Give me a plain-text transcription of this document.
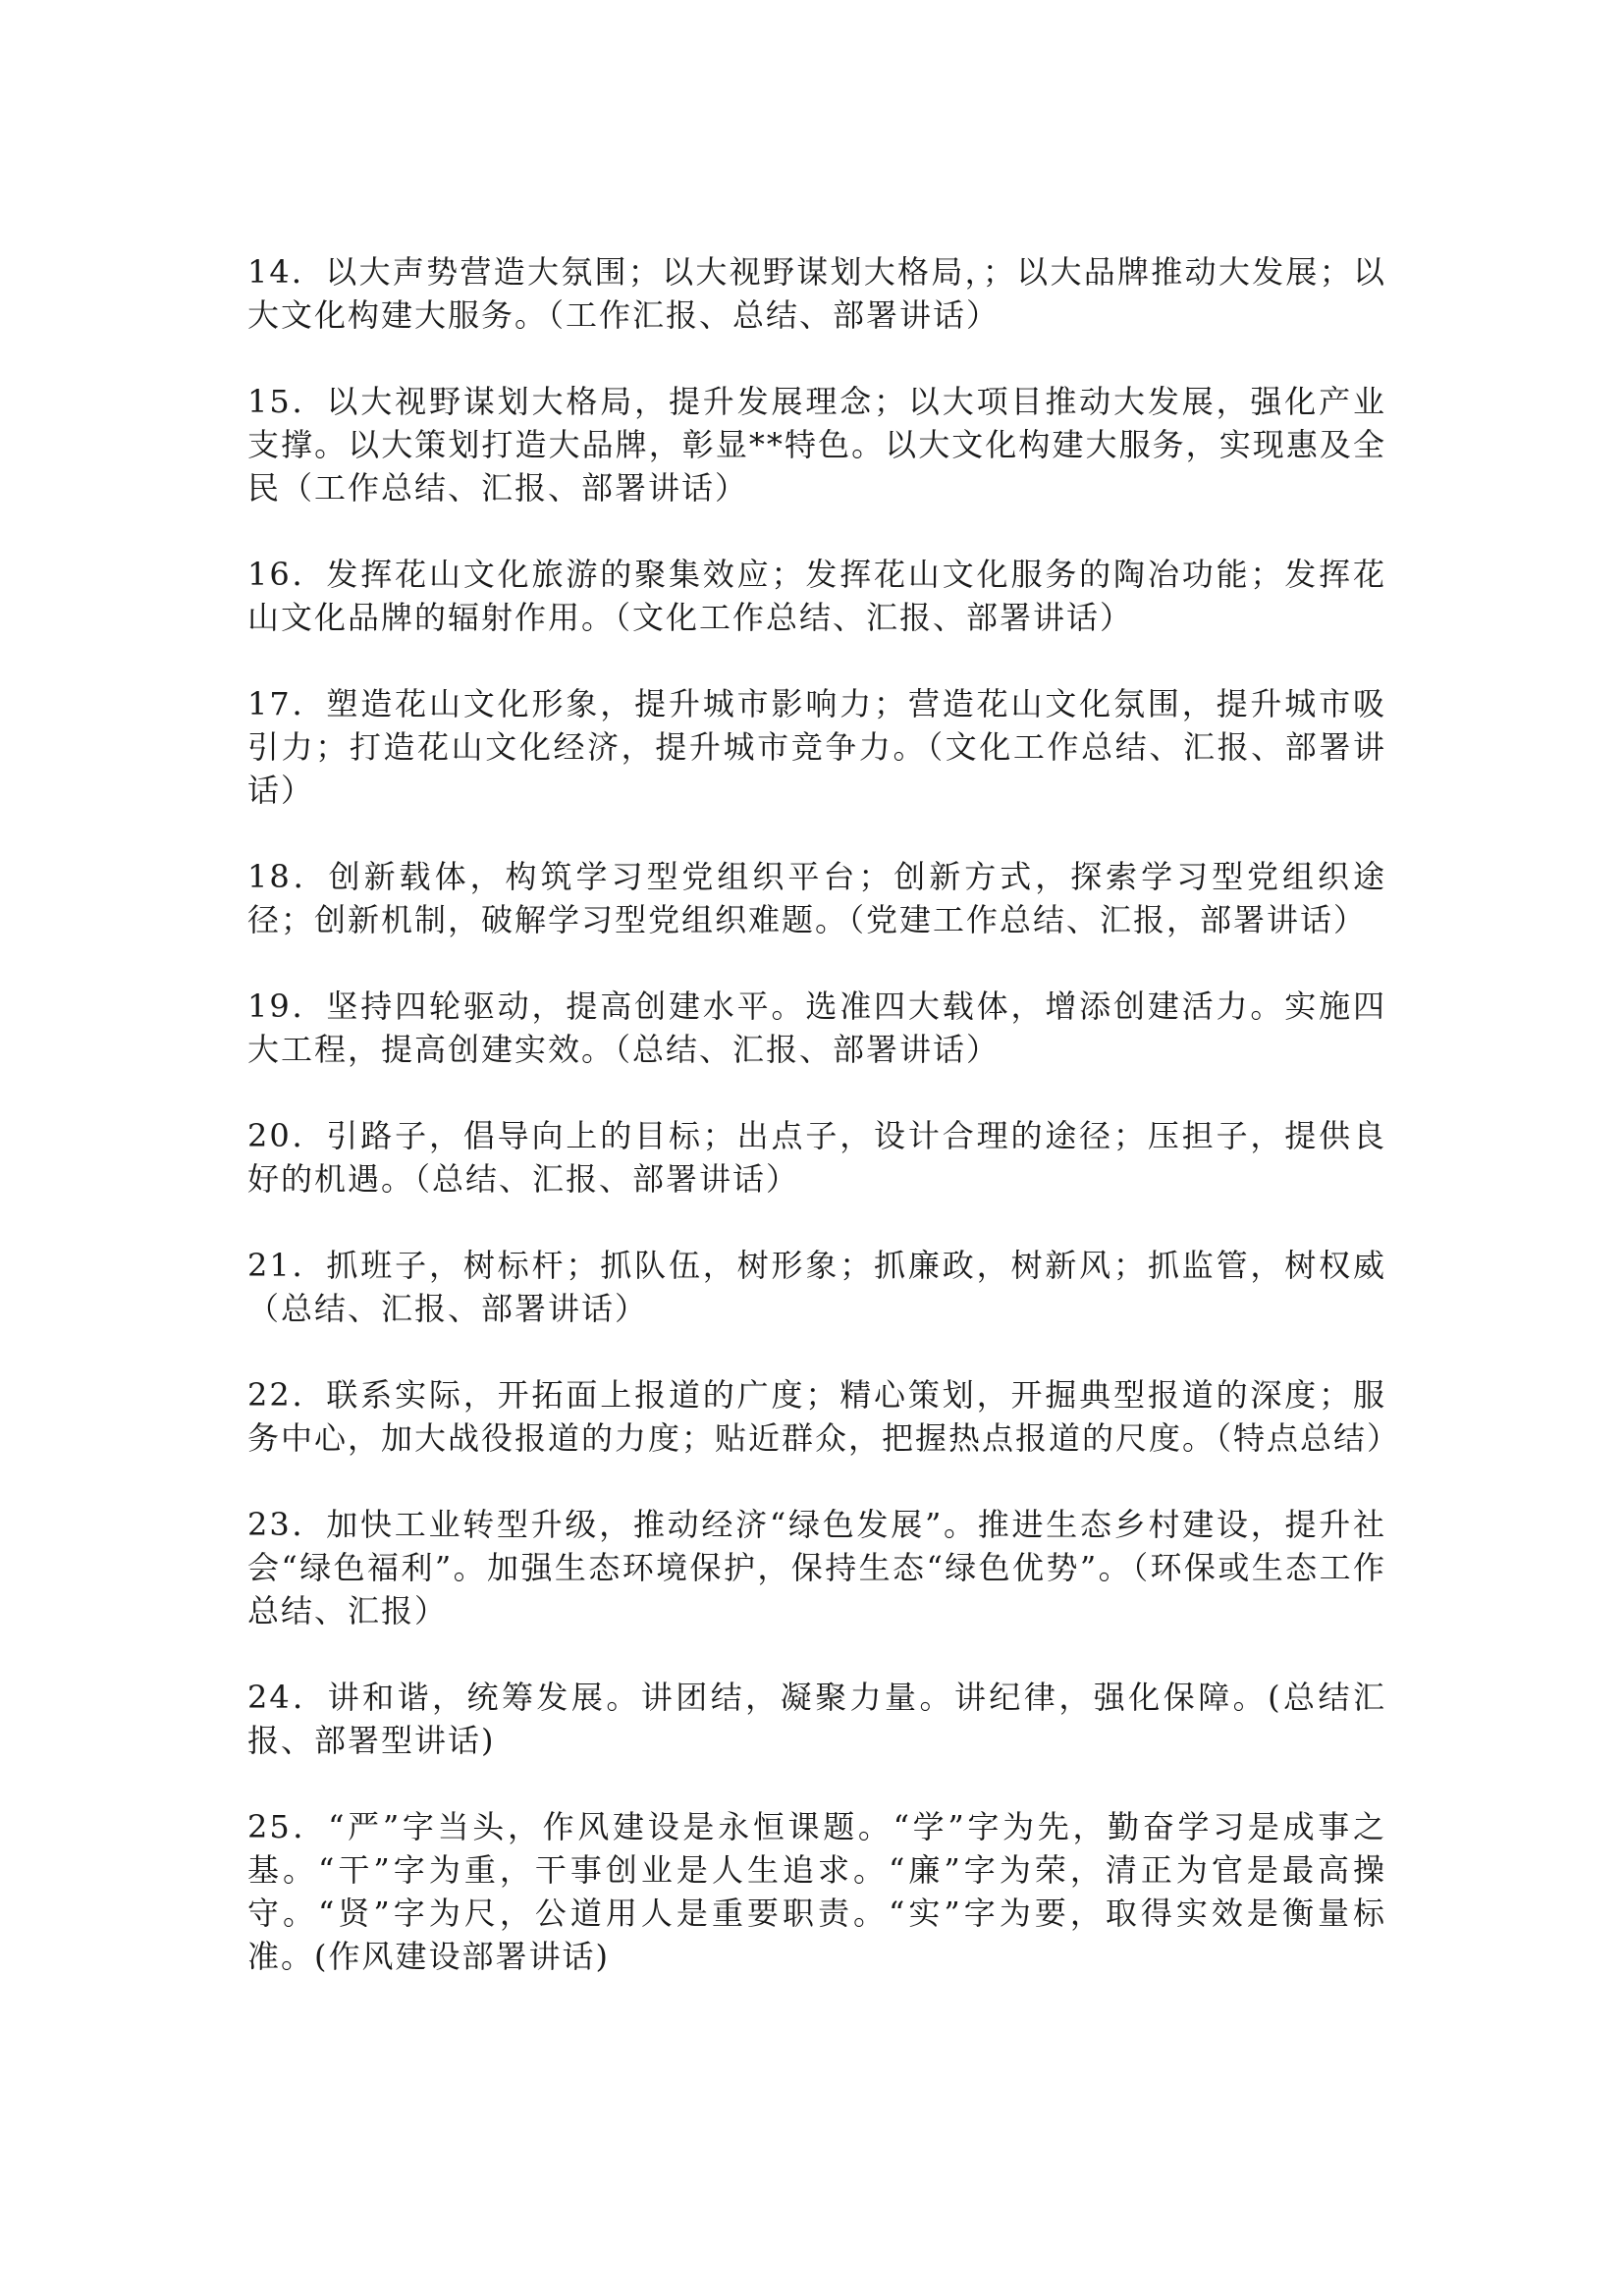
14．以大声势营造大氛围；以大视野谋划大格局，；以大品牌推动大发展；以大文化构建大服务。（工作汇报、总结、部署讲话）

15．以大视野谋划大格局，提升发展理念；以大项目推动大发展，强化产业支撑。以大策划打造大品牌，彰显**特色。以大文化构建大服务，实现惠及全民（工作总结、汇报、部署讲话）

16．发挥花山文化旅游的聚集效应；发挥花山文化服务的陶冶功能；发挥花山文化品牌的辐射作用。（文化工作总结、汇报、部署讲话）

17．塑造花山文化形象，提升城市影响力；营造花山文化氛围，提升城市吸引力；打造花山文化经济，提升城市竞争力。（文化工作总结、汇报、部署讲话）

18．创新载体，构筑学习型党组织平台；创新方式，探索学习型党组织途径；创新机制，破解学习型党组织难题。（党建工作总结、汇报，部署讲话）

19．坚持四轮驱动，提高创建水平。选准四大载体，增添创建活力。实施四大工程，提高创建实效。（总结、汇报、部署讲话）

20．引路子，倡导向上的目标；出点子，设计合理的途径；压担子，提供良好的机遇。（总结、汇报、部署讲话）

21．抓班子，树标杆；抓队伍，树形象；抓廉政，树新风；抓监管，树权威（总结、汇报、部署讲话）

22．联系实际，开拓面上报道的广度；精心策划，开掘典型报道的深度；服务中心，加大战役报道的力度；贴近群众，把握热点报道的尺度。（特点总结）

23．加快工业转型升级，推动经济“绿色发展”。推进生态乡村建设，提升社会“绿色福利”。加强生态环境保护，保持生态“绿色优势”。（环保或生态工作总结、汇报）

24．讲和谐，统筹发展。讲团结，凝聚力量。讲纪律，强化保障。(总结汇报、部署型讲话)

25．“严”字当头，作风建设是永恒课题。“学”字为先，勤奋学习是成事之基。“干”字为重，干事创业是人生追求。“廉”字为荣，清正为官是最高操守。“贤”字为尺，公道用人是重要职责。“实”字为要，取得实效是衡量标准。(作风建设部署讲话)
